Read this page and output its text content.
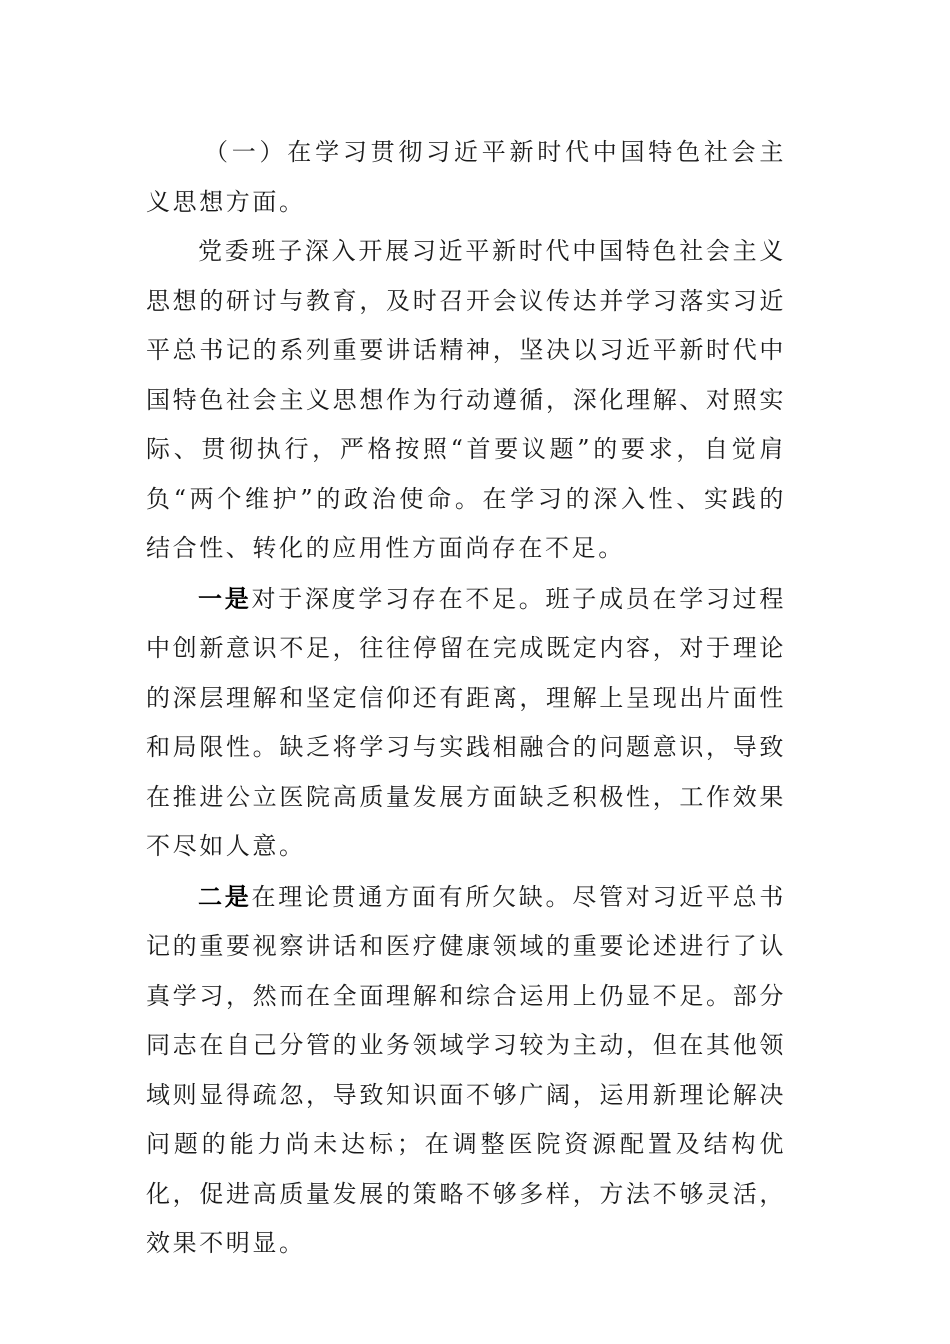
（一）在学习贯彻习近平新时代中国特色社会主义思想方面。

党委班子深入开展习近平新时代中国特色社会主义思想的研讨与教育，及时召开会议传达并学习落实习近平总书记的系列重要讲话精神，坚决以习近平新时代中国特色社会主义思想作为行动遵循，深化理解、对照实际、贯彻执行，严格按照“首要议题”的要求，自觉肩负“两个维护”的政治使命。在学习的深入性、实践的结合性、转化的应用性方面尚存在不足。

一是对于深度学习存在不足。班子成员在学习过程中创新意识不足，往往停留在完成既定内容，对于理论的深层理解和坚定信仰还有距离，理解上呈现出片面性和局限性。缺乏将学习与实践相融合的问题意识，导致在推进公立医院高质量发展方面缺乏积极性，工作效果不尽如人意。

二是在理论贯通方面有所欠缺。尽管对习近平总书记的重要视察讲话和医疗健康领域的重要论述进行了认真学习，然而在全面理解和综合运用上仍显不足。部分同志在自己分管的业务领域学习较为主动，但在其他领域则显得疏忽，导致知识面不够广阔，运用新理论解决问题的能力尚未达标；在调整医院资源配置及结构优化，促进高质量发展的策略不够多样，方法不够灵活，效果不明显。
